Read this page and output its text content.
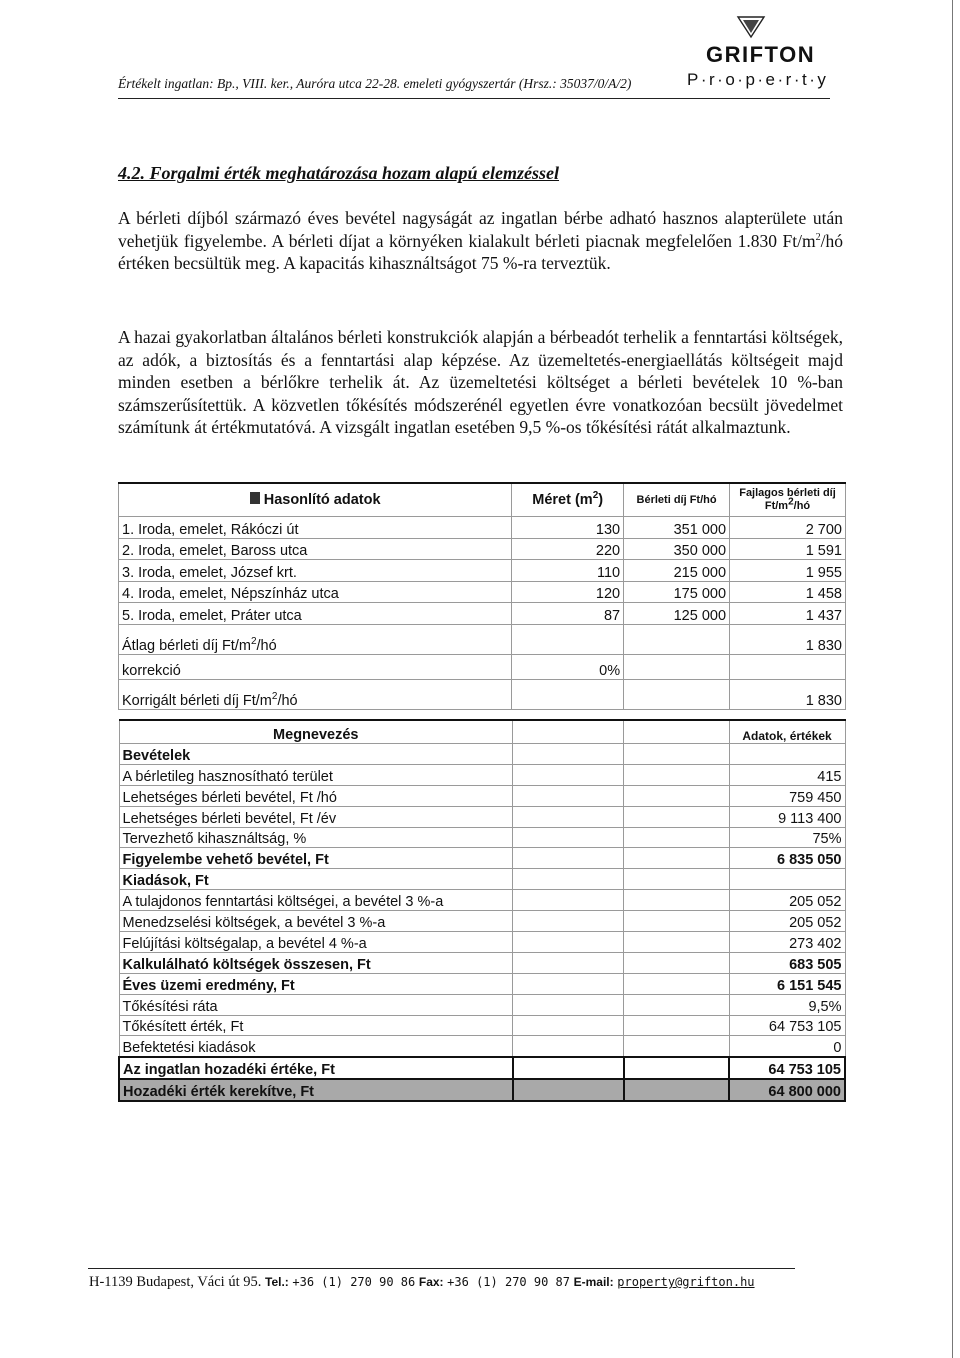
Értékelt ingatlan: Bp., VIII. ker., Auróra utca 22-28. emeleti gyógyszertár (Hrsz.: 35037/0/A/2)
GRIFTON
P·r·o·p·e·r·t·y
4.2. Forgalmi érték meghatározása hozam alapú elemzéssel
A bérleti díjból származó éves bevétel nagyságát az ingatlan bérbe adható hasznos alapterülete után vehetjük figyelembe. A bérleti díjat a környéken kialakult bérleti piacnak megfelelően 1.830 $Ft/m^2/hó$ értéken becsültük meg. A kapacitás kihasználtságot 75 %-ra terveztük.
A hazai gyakorlatban általános bérleti konstrukciók alapján a bérbeadót terhelik a fenntartási költségek, az adók, a biztosítás és a fenntartási alap képzése. Az üzemeltetés-energiaellátás költségeit majd minden esetben a bérlőkre terhelik át. Az üzemeltetési költséget a bérleti bevételek 10 %-ban számszerűsítettük. A közvetlen tőkésítés módszerénél egyetlen évre vonatkozóan becsült jövedelmet számítunk át értékmutatóvá. A vizsgált ingatlan esetében 9,5 %-os tőkésítési rátát alkalmaztunk.
Hasonlító adatok	Méret $(m^2)$	Bérleti díj Ft/hó	Fajlagos bérleti díj
$Ft/m^2/hó$
1. Iroda, emelet, Rákóczi út	130	351 000	2 700
2. Iroda, emelet, Baross utca	220	350 000	1 591
3. Iroda, emelet, József krt.	110	215 000	1 955
4. Iroda, emelet, Népszínház utca	120	175 000	1 458
5. Iroda, emelet, Práter utca	87	125 000	1 437
Átlag bérleti díj $Ft/m^2/hó$			1 830
korrekció	0%		
Korrigált bérleti díj $Ft/m^2/hó$			1 830
Megnevezés			Adatok, értékek
Bevételek			
A bérletileg hasznosítható terület			415
Lehetséges bérleti bevétel, Ft /hó			759 450
Lehetséges bérleti bevétel, Ft /év			9 113 400
Tervezhető kihasználtság, %			75%
Figyelembe vehető bevétel, Ft			6 835 050
Kiadások, Ft			
A tulajdonos fenntartási költségei, a bevétel 3 %-a			205 052
Menedzselési költségek, a bevétel 3 %-a			205 052
Felújítási költségalap, a bevétel 4 %-a			273 402
Kalkulálható költségek összesen, Ft			683 505
Éves üzemi eredmény, Ft			6 151 545
Tőkésítési ráta			9,5%
Tőkésített érték, Ft			64 753 105
Befektetési kiadások			0
Az ingatlan hozadéki értéke, Ft			64 753 105
Hozadéki érték kerekítve, Ft			64 800 000
H-1139 Budapest, Váci út 95. Tel.: +36 (1) 270 90 86 Fax: +36 (1) 270 90 87 E-mail: property@grifton.hu
